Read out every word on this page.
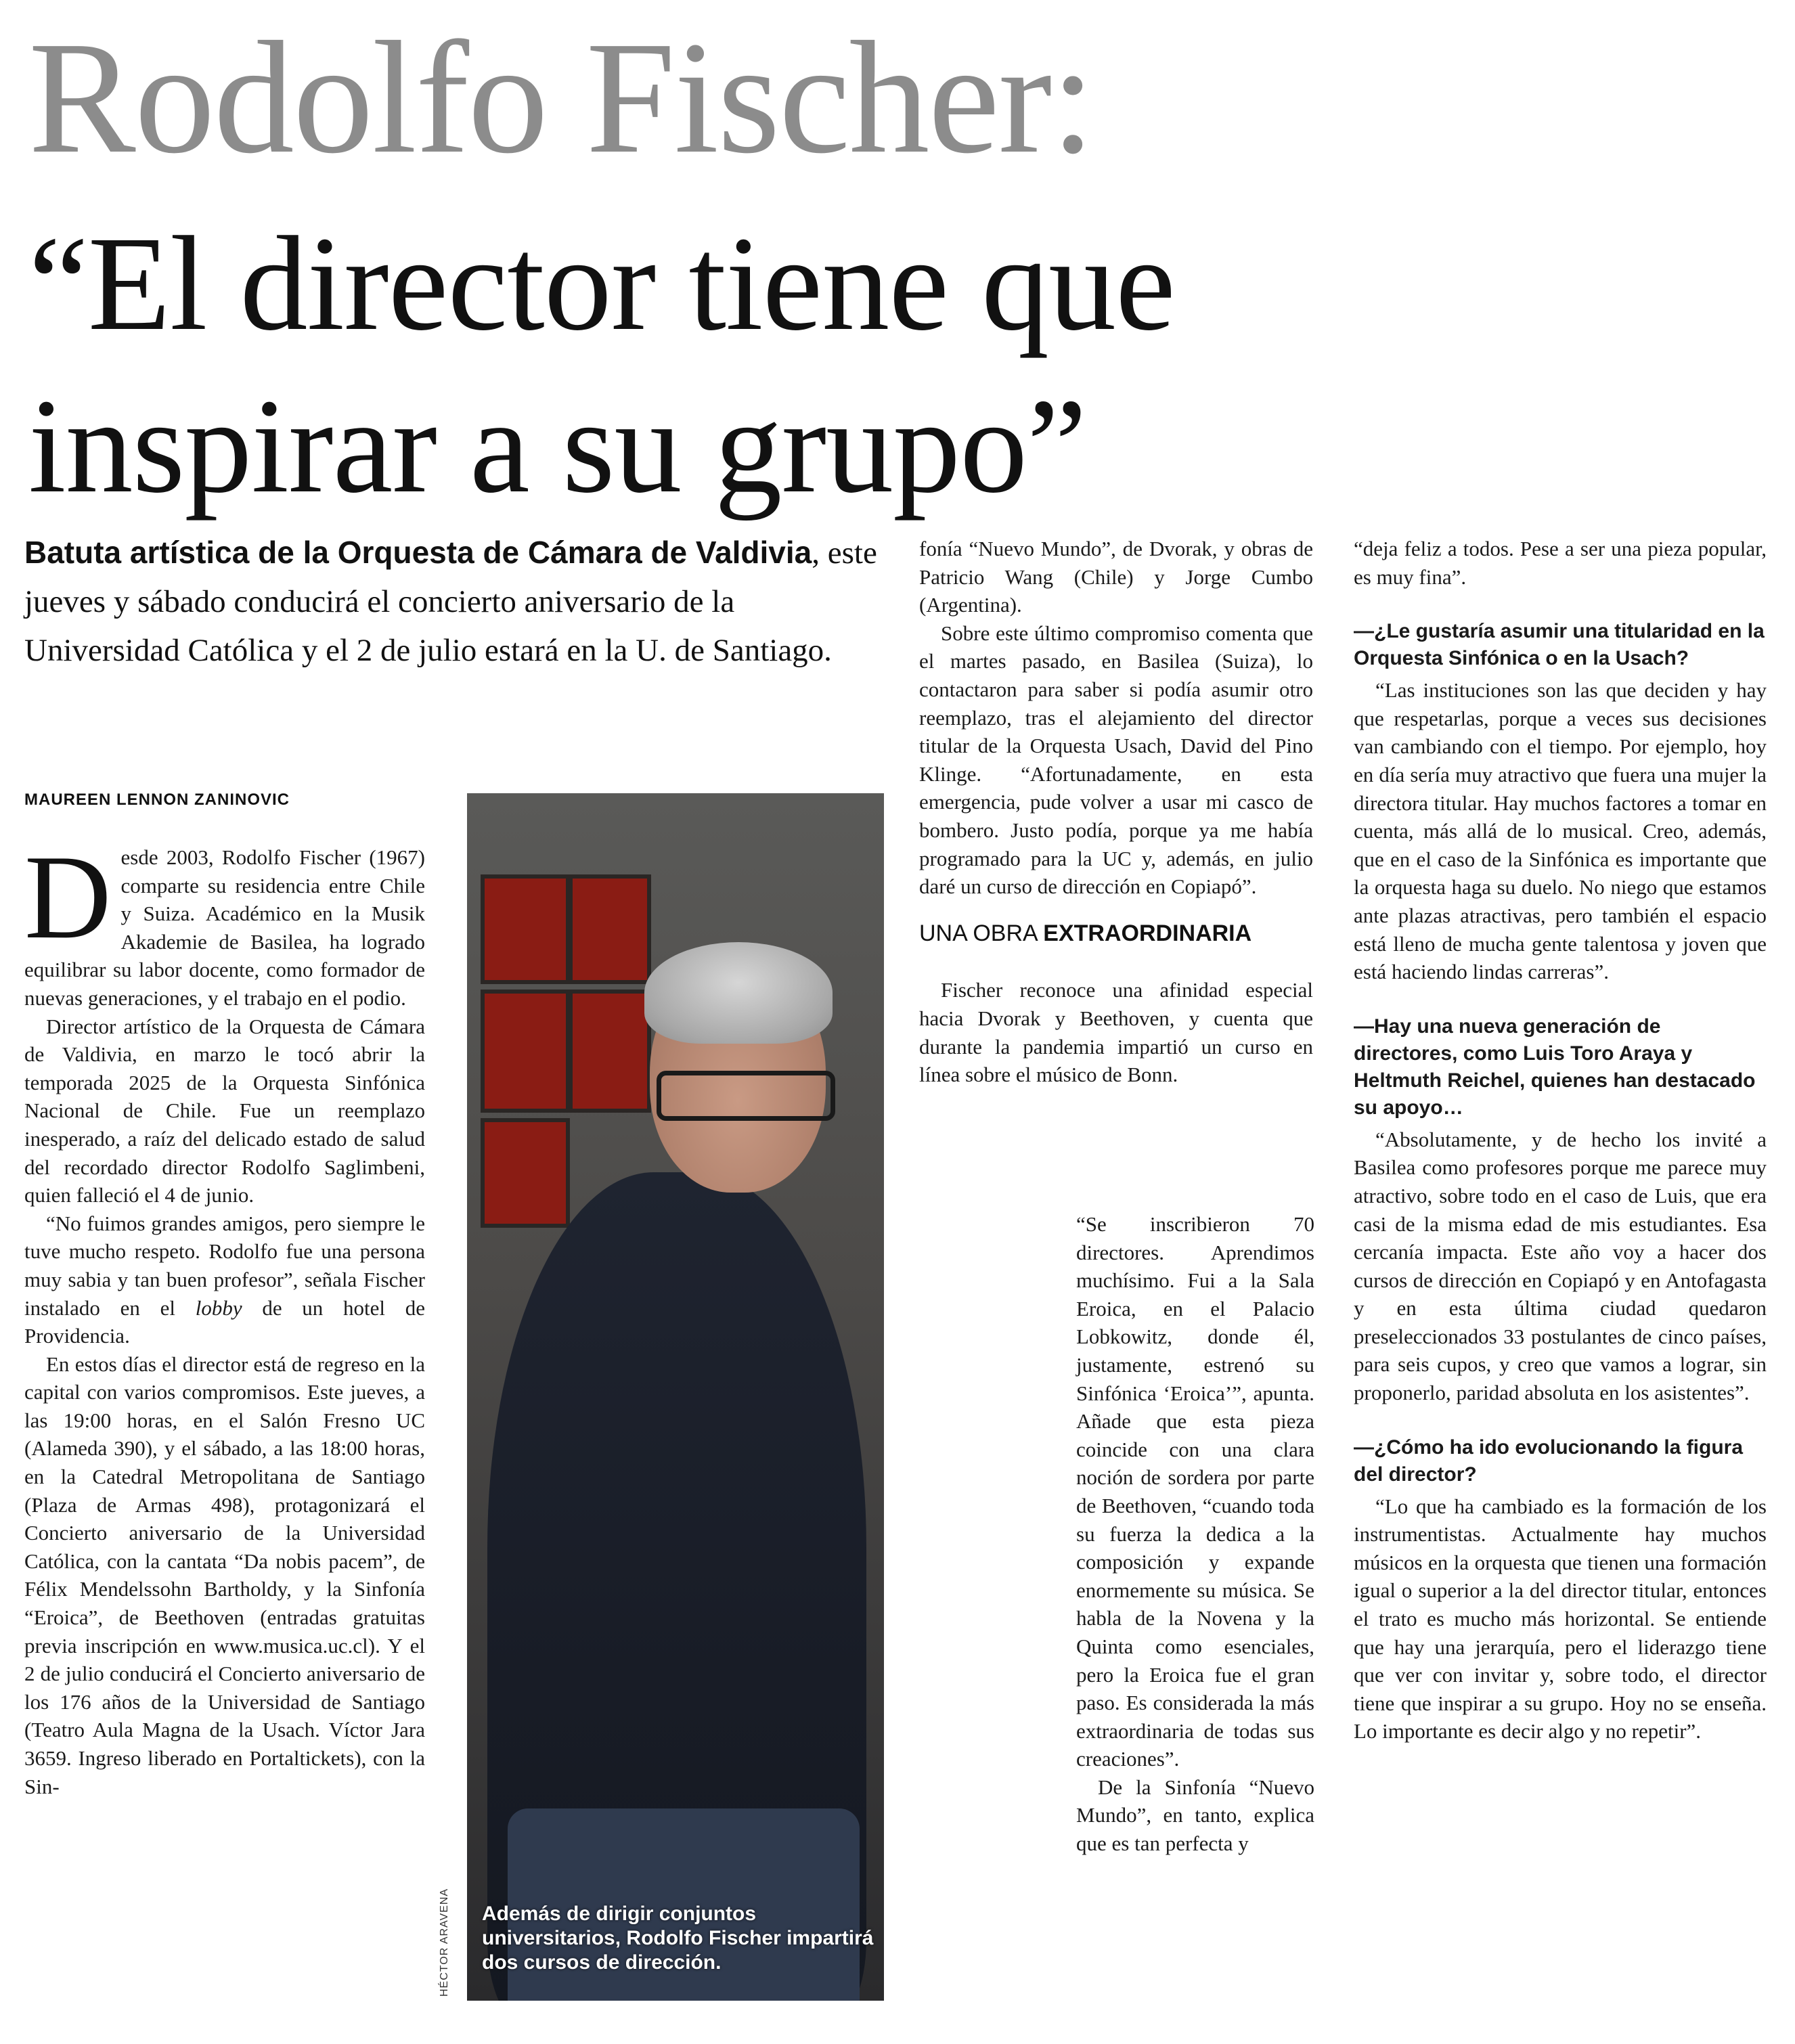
Rodolfo Fischer:
“El director tiene que inspirar a su grupo”
Batuta artística de la Orquesta de Cámara de Valdivia, este jueves y sábado conducirá el concierto aniversario de la Universidad Católica y el 2 de julio estará en la U. de Santiago.
MAUREEN LENNON ZANINOVIC

Desde 2003, Rodolfo Fischer (1967) comparte su residencia entre Chile y Suiza. Académico en la Musik Akademie de Basilea, ha logrado equilibrar su labor docente, como formador de nuevas generaciones, y el trabajo en el podio.

Director artístico de la Orquesta de Cámara de Valdivia, en marzo le tocó abrir la temporada 2025 de la Orquesta Sinfónica Nacional de Chile. Fue un reemplazo inesperado, a raíz del delicado estado de salud del recordado director Rodolfo Saglimbeni, quien falleció el 4 de junio.

“No fuimos grandes amigos, pero siempre le tuve mucho respeto. Rodolfo fue una persona muy sabia y tan buen profesor”, señala Fischer instalado en el lobby de un hotel de Providencia.

En estos días el director está de regreso en la capital con varios compromisos. Este jueves, a las 19:00 horas, en el Salón Fresno UC (Alameda 390), y el sábado, a las 18:00 horas, en la Catedral Metropolitana de Santiago (Plaza de Armas 498), protagonizará el Concierto aniversario de la Universidad Católica, con la cantata “Da nobis pacem”, de Félix Mendelssohn Bartholdy, y la Sinfonía “Eroica”, de Beethoven (entradas gratuitas previa inscripción en www.musica.uc.cl). Y el 2 de julio conducirá el Concierto aniversario de los 176 años de la Universidad de Santiago (Teatro Aula Magna de la Usach. Víctor Jara 3659. Ingreso liberado en Portaltickets), con la Sin-

HÉCTOR ARAVENA	Además de dirigir conjuntos universitarios, Rodolfo Fischer impartirá dos cursos de dirección.

fonía “Nuevo Mundo”, de Dvorak, y obras de Patricio Wang (Chile) y Jorge Cumbo (Argentina).

Sobre este último compromiso comenta que el martes pasado, en Basilea (Suiza), lo contactaron para saber si podía asumir otro reemplazo, tras el alejamiento del director titular de la Orquesta Usach, David del Pino Klinge. “Afortunadamente, en esta emergencia, pude volver a usar mi casco de bombero. Justo podía, porque ya me había programado para la UC y, además, en julio daré un curso de dirección en Copiapó”.

UNA OBRA EXTRAORDINARIA

Fischer reconoce una afinidad especial hacia Dvorak y Beethoven, y cuenta que durante la pandemia impartió un curso en línea sobre el músico de Bonn.

“Se inscribieron 70 directores. Aprendimos muchísimo. Fui a la Sala Eroica, en el Palacio Lobkowitz, donde él, justamente, estrenó su Sinfónica ‘Eroica’”, apunta. Añade que esta pieza coincide con una clara noción de sordera por parte de Beethoven, “cuando toda su fuerza la dedica a la composición y expande enormemente su música. Se habla de la Novena y la Quinta como esenciales, pero la Eroica fue el gran paso. Es considerada la más extraordinaria de todas sus creaciones”.

De la Sinfonía “Nuevo Mundo”, en tanto, explica que es tan perfecta y

“deja feliz a todos. Pese a ser una pieza popular, es muy fina”.

—¿Le gustaría asumir una titularidad en la Orquesta Sinfónica o en la Usach?

“Las instituciones son las que deciden y hay que respetarlas, porque a veces sus decisiones van cambiando con el tiempo. Por ejemplo, hoy en día sería muy atractivo que fuera una mujer la directora titular. Hay muchos factores a tomar en cuenta, más allá de lo musical. Creo, además, que en el caso de la Sinfónica es importante que la orquesta haga su duelo. No niego que estamos ante plazas atractivas, pero también el espacio está lleno de mucha gente talentosa y joven que está haciendo lindas carreras”.

—Hay una nueva generación de directores, como Luis Toro Araya y Heltmuth Reichel, quienes han destacado su apoyo…

“Absolutamente, y de hecho los invité a Basilea como profesores porque me parece muy atractivo, sobre todo en el caso de Luis, que era casi de la misma edad de mis estudiantes. Esa cercanía impacta. Este año voy a hacer dos cursos de dirección en Copiapó y en Antofagasta y en esta última ciudad quedaron preseleccionados 33 postulantes de cinco países, para seis cupos, y creo que vamos a lograr, sin proponerlo, paridad absoluta en los asistentes”.

—¿Cómo ha ido evolucionando la figura del director?

“Lo que ha cambiado es la formación de los instrumentistas. Actualmente hay muchos músicos en la orquesta que tienen una formación igual o superior a la del director titular, entonces el trato es mucho más horizontal. Se entiende que hay una jerarquía, pero el liderazgo tiene que ver con invitar y, sobre todo, el director tiene que inspirar a su grupo. Hoy no se enseña. Lo importante es decir algo y no repetir”.
